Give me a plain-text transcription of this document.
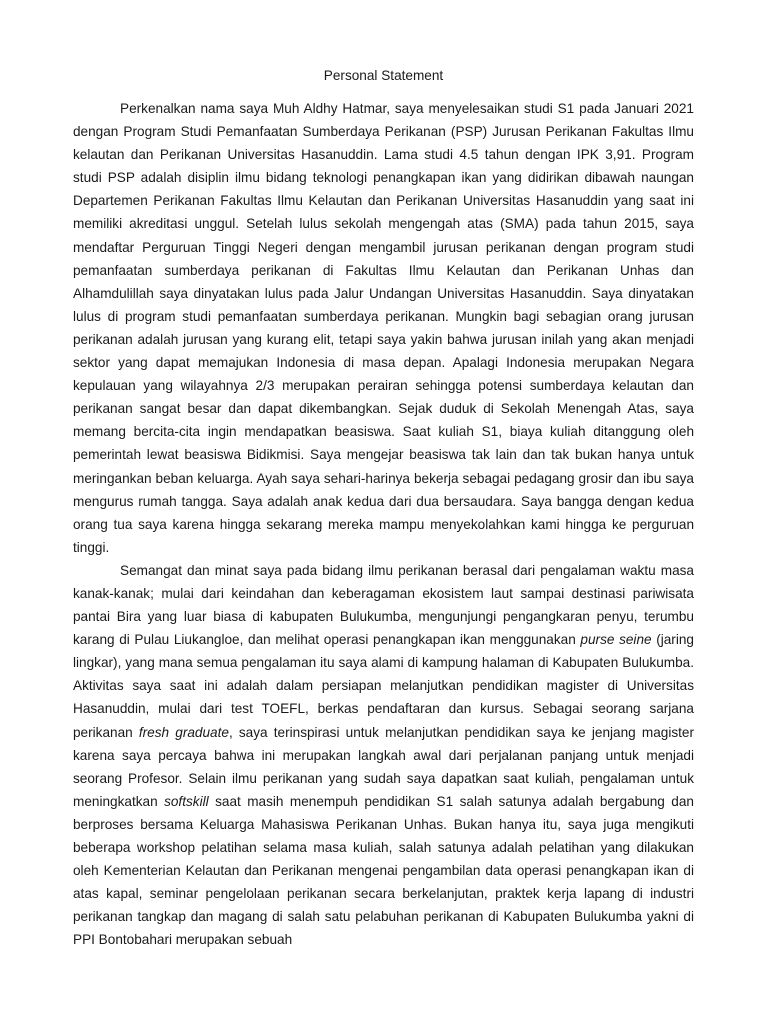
Personal Statement

Perkenalkan nama saya Muh Aldhy Hatmar, saya menyelesaikan studi S1 pada Januari 2021 dengan Program Studi Pemanfaatan Sumberdaya Perikanan (PSP) Jurusan Perikanan Fakultas Ilmu kelautan dan Perikanan Universitas Hasanuddin. Lama studi 4.5 tahun dengan IPK 3,91. Program studi PSP adalah disiplin ilmu bidang teknologi penangkapan ikan yang didirikan dibawah naungan Departemen Perikanan Fakultas Ilmu Kelautan dan Perikanan Universitas Hasanuddin yang saat ini memiliki akreditasi unggul. Setelah lulus sekolah mengengah atas (SMA) pada tahun 2015, saya mendaftar Perguruan Tinggi Negeri dengan mengambil jurusan perikanan dengan program studi pemanfaatan sumberdaya perikanan di Fakultas Ilmu Kelautan dan Perikanan Unhas dan Alhamdulillah saya dinyatakan lulus pada Jalur Undangan Universitas Hasanuddin. Saya dinyatakan lulus di program studi pemanfaatan sumberdaya perikanan. Mungkin bagi sebagian orang jurusan perikanan adalah jurusan yang kurang elit, tetapi saya yakin bahwa jurusan inilah yang akan menjadi sektor yang dapat memajukan Indonesia di masa depan. Apalagi Indonesia merupakan Negara kepulauan yang wilayahnya 2/3 merupakan perairan sehingga potensi sumberdaya kelautan dan perikanan sangat besar dan dapat dikembangkan. Sejak duduk di Sekolah Menengah Atas, saya memang bercita-cita ingin mendapatkan beasiswa. Saat kuliah S1, biaya kuliah ditanggung oleh pemerintah lewat beasiswa Bidikmisi. Saya mengejar beasiswa tak lain dan tak bukan hanya untuk meringankan beban keluarga. Ayah saya sehari-harinya bekerja sebagai pedagang grosir dan ibu saya mengurus rumah tangga. Saya adalah anak kedua dari dua bersaudara. Saya bangga dengan kedua orang tua saya karena hingga sekarang mereka mampu menyekolahkan kami hingga ke perguruan tinggi.

Semangat dan minat saya pada bidang ilmu perikanan berasal dari pengalaman waktu masa kanak-kanak; mulai dari keindahan dan keberagaman ekosistem laut sampai destinasi pariwisata pantai Bira yang luar biasa di kabupaten Bulukumba, mengunjungi pengangkaran penyu, terumbu karang di Pulau Liukangloe, dan melihat operasi penangkapan ikan menggunakan purse seine (jaring lingkar), yang mana semua pengalaman itu saya alami di kampung halaman di Kabupaten Bulukumba. Aktivitas saya saat ini adalah dalam persiapan melanjutkan pendidikan magister di Universitas Hasanuddin, mulai dari test TOEFL, berkas pendaftaran dan kursus. Sebagai seorang sarjana perikanan fresh graduate, saya terinspirasi untuk melanjutkan pendidikan saya ke jenjang magister karena saya percaya bahwa ini merupakan langkah awal dari perjalanan panjang untuk menjadi seorang Profesor. Selain ilmu perikanan yang sudah saya dapatkan saat kuliah, pengalaman untuk meningkatkan softskill saat masih menempuh pendidikan S1 salah satunya adalah bergabung dan berproses bersama Keluarga Mahasiswa Perikanan Unhas. Bukan hanya itu, saya juga mengikuti beberapa workshop pelatihan selama masa kuliah, salah satunya adalah pelatihan yang dilakukan oleh Kementerian Kelautan dan Perikanan mengenai pengambilan data operasi penangkapan ikan di atas kapal, seminar pengelolaan perikanan secara berkelanjutan, praktek kerja lapang di industri perikanan tangkap dan magang di salah satu pelabuhan perikanan di Kabupaten Bulukumba yakni di PPI Bontobahari merupakan sebuah
